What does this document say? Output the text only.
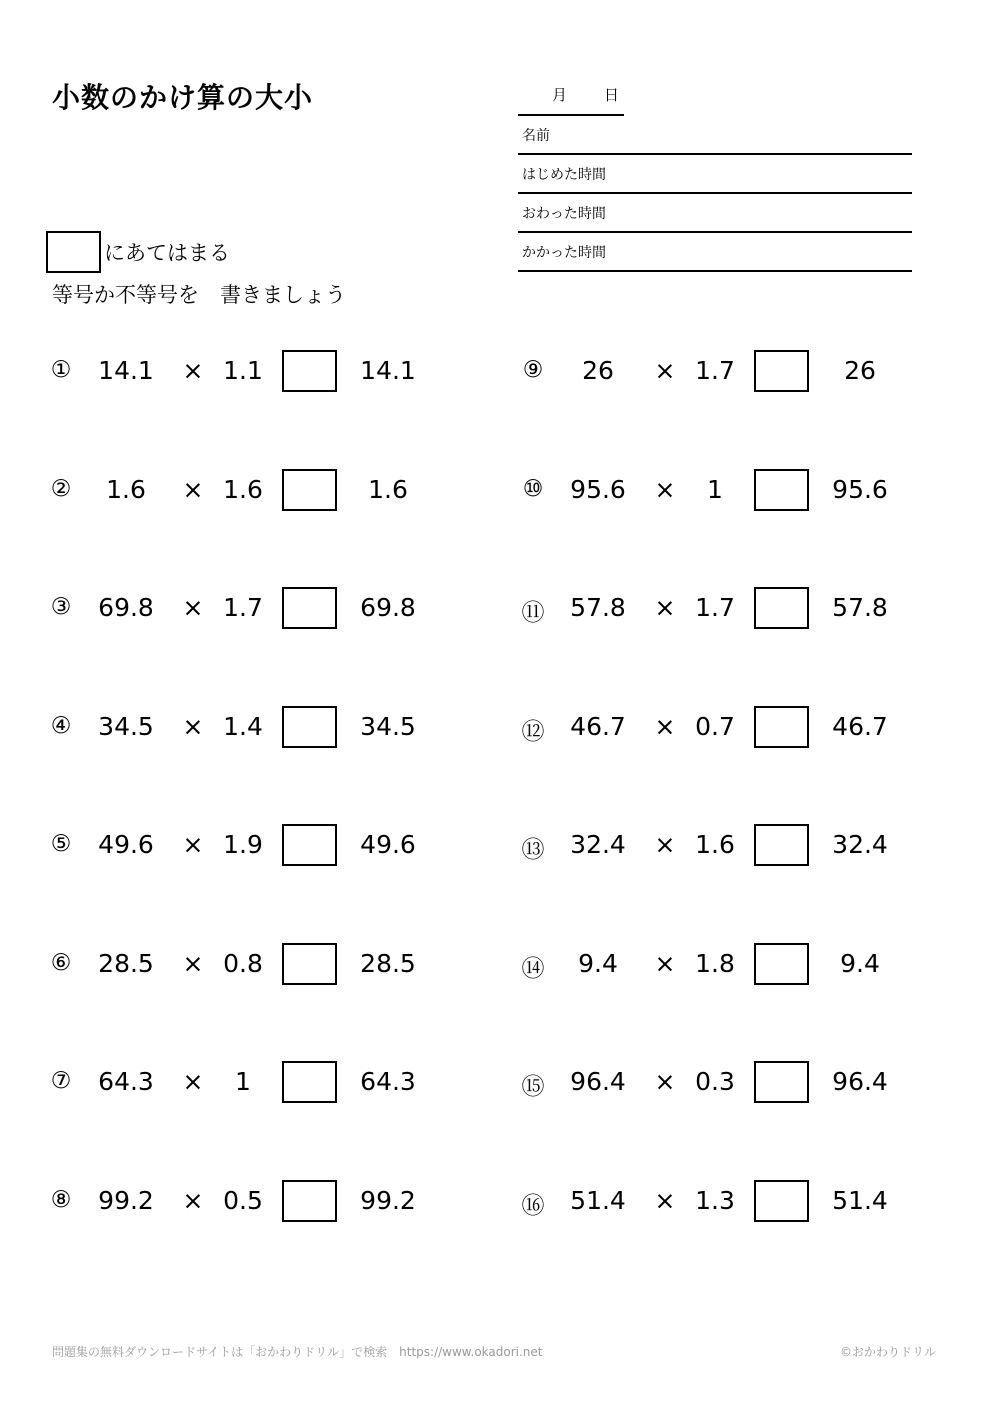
小数のかけ算の大小	月 日
名前
はじめた時間
おわった時間
かかった時間
にあてはまる
等号か不等号を　書きましょう
① 14.1 × 1.1	14.1
② 1.6 × 1.6	1.6
③ 69.8 × 1.7	69.8
④ 34.5 × 1.4	34.5
⑤ 49.6 × 1.9	49.6
⑥ 28.5 × 0.8	28.5
⑦ 64.3 × 1	64.3
⑧ 99.2 × 0.5	99.2
⑨ 26 × 1.7	26
⑩ 95.6 × 1	95.6
⑪ 57.8 × 1.7	57.8
⑫ 46.7 × 0.7	46.7
⑬ 32.4 × 1.6	32.4
⑭ 9.4 × 1.8	9.4
⑮ 96.4 × 0.3	96.4
⑯ 51.4 × 1.3	51.4
問題集の無料ダウンロードサイトは「おかわりドリル」で検索　https://www.okadori.net	©おかわりドリル
